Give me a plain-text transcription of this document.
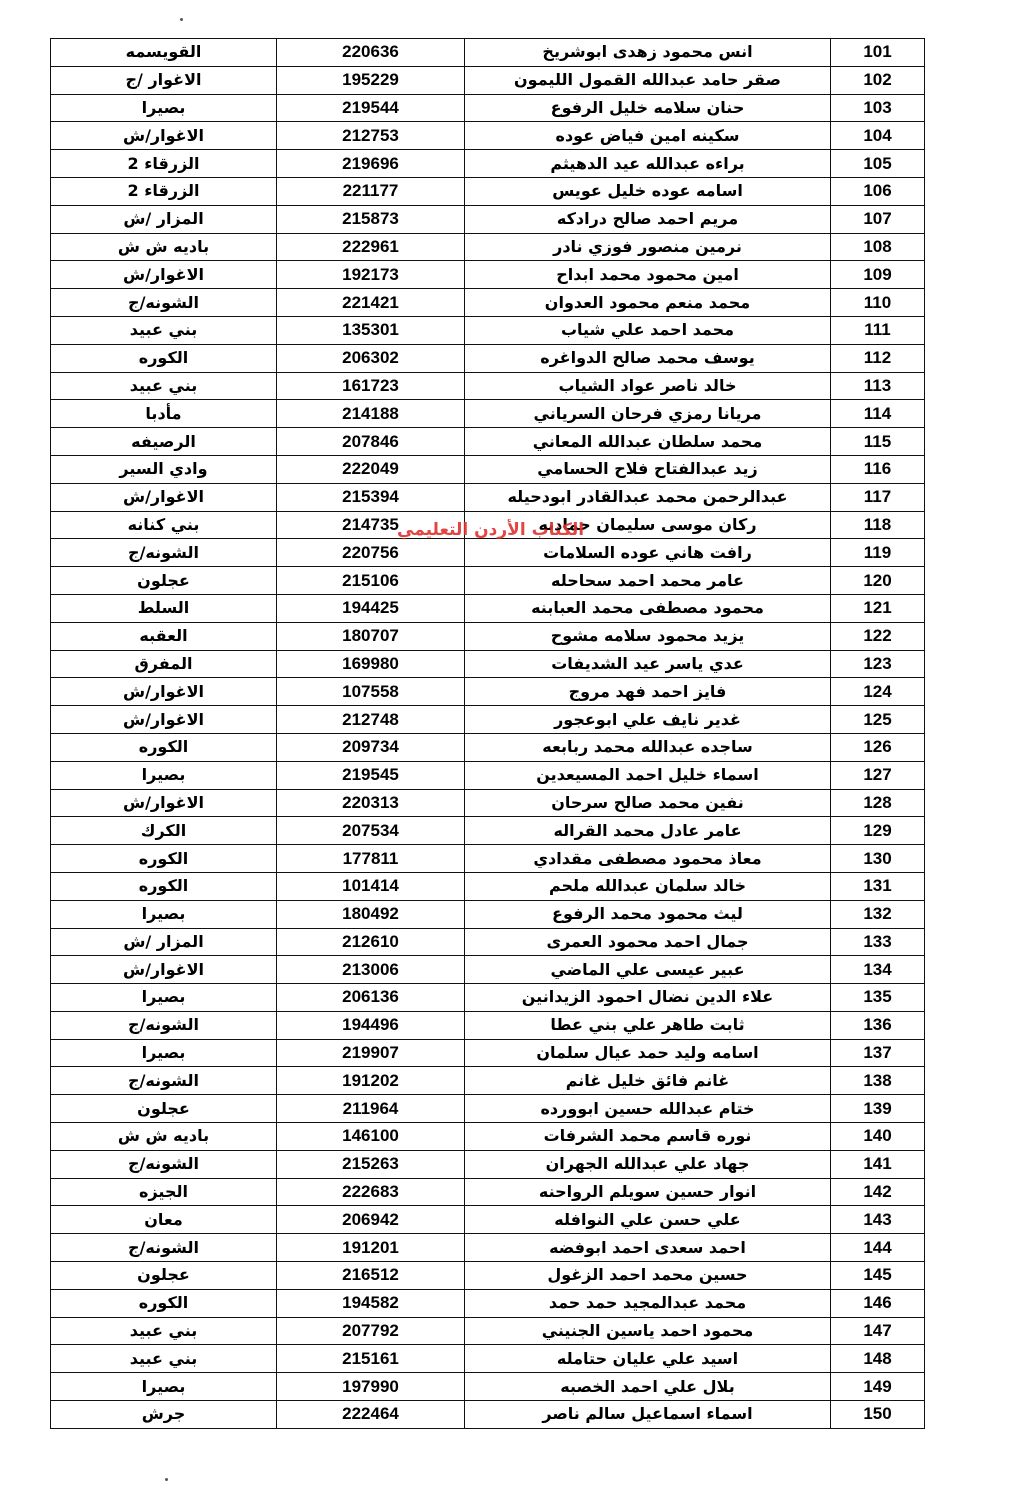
القويسمه	220636	انس محمود زهدى ابوشريخ	101
الاغوار /ج	195229	صقر حامد عبدالله القمول الليمون	102
بصيرا	219544	حنان سلامه خليل الرفوع	103
الاغوار/ش	212753	سكينه امين فياض عوده	104
الزرقاء 2	219696	براءه عبدالله عيد الدهيثم	105
الزرقاء 2	221177	اسامه عوده خليل عويس	106
المزار /ش	215873	مريم احمد صالح درادكه	107
باديه ش ش	222961	نرمين منصور فوزي نادر	108
الاغوار/ش	192173	امين محمود محمد ابداح	109
الشونه/ج	221421	محمد منعم محمود العدوان	110
بني عبيد	135301	محمد احمد علي شياب	111
الكوره	206302	يوسف محمد صالح الدواغره	112
بني عبيد	161723	خالد ناصر عواد الشياب	113
مأدبا	214188	مريانا رمزي فرحان السرياني	114
الرصيفه	207846	محمد سلطان عبدالله المعاني	115
وادي السير	222049	زيد عبدالفتاح فلاح الحسامي	116
الاغوار/ش	215394	عبدالرحمن محمد عبدالقادر ابودحيله	117
بني كنانه	214735	ركان موسى سليمان حمادنه	118
الشونه/ج	220756	رافت هاني عوده السلامات	119
عجلون	215106	عامر محمد احمد سحاحله	120
السلط	194425	محمود مصطفى محمد العبابنه	121
العقبه	180707	يزيد محمود سلامه مشوح	122
المفرق	169980	عدي ياسر عيد الشديفات	123
الاغوار/ش	107558	فايز احمد فهد مروج	124
الاغوار/ش	212748	غدير نايف علي ابوعجور	125
الكوره	209734	ساجده عبدالله محمد ربابعه	126
بصيرا	219545	اسماء خليل احمد المسيعدين	127
الاغوار/ش	220313	نفين محمد صالح سرحان	128
الكرك	207534	عامر عادل محمد القراله	129
الكوره	177811	معاذ محمود مصطفى مقدادي	130
الكوره	101414	خالد سلمان عبدالله ملحم	131
بصيرا	180492	ليث محمود محمد الرفوع	132
المزار /ش	212610	جمال احمد محمود العمرى	133
الاغوار/ش	213006	عبير عيسى علي الماضي	134
بصيرا	206136	علاء الدين نضال احمود الزيدانين	135
الشونه/ج	194496	ثابت طاهر علي بني عطا	136
بصيرا	219907	اسامه وليد حمد عيال سلمان	137
الشونه/ج	191202	غانم فائق خليل غانم	138
عجلون	211964	ختام عبدالله حسين ابوورده	139
باديه ش ش	146100	نوره قاسم محمد الشرفات	140
الشونه/ج	215263	جهاد علي عبدالله الجهران	141
الجيزه	222683	انوار حسين سويلم الرواحنه	142
معان	206942	علي حسن علي النوافله	143
الشونه/ج	191201	احمد سعدى احمد ابوفضه	144
عجلون	216512	حسين محمد احمد الزغول	145
الكوره	194582	محمد عبدالمجيد حمد حمد	146
بني عبيد	207792	محمود احمد ياسين الجنيني	147
بني عبيد	215161	اسيد علي عليان حتامله	148
بصيرا	197990	بلال علي احمد الخصبه	149
جرش	222464	اسماء اسماعيل سالم ناصر	150
الكتاب الأردن التعليمي
